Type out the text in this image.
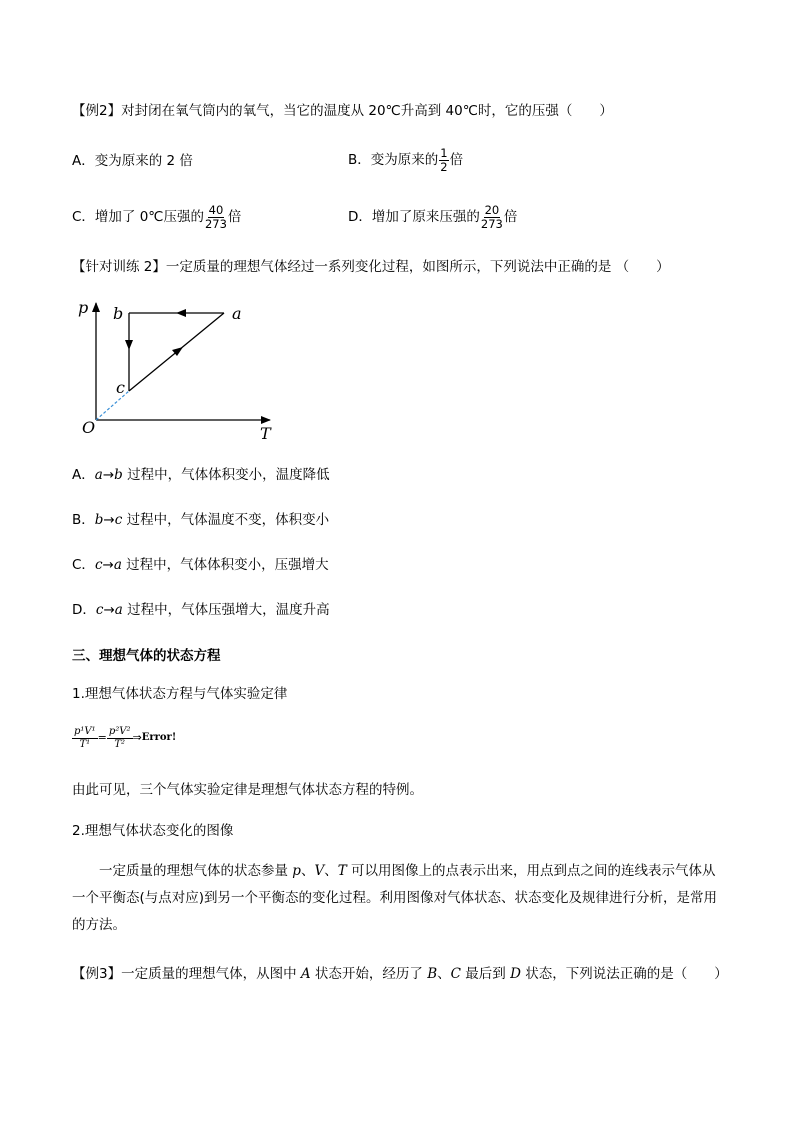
【例2】对封闭在氧气筒内的氧气，当它的温度从 20℃升高到 40℃时，它的压强（　　）
A．变为原来的 2 倍	B．变为原来的 $\frac{1}{2}$ 倍
C．增加了 0℃压强的 $\frac{40}{273}$ 倍	D．增加了原来压强的 $\frac{20}{273}$ 倍
【针对训练 2】一定质量的理想气体经过一系列变化过程，如图所示，下列说法中正确的是 （　　）
p
T
O
a
b
c
A．a→b 过程中，气体体积变小，温度降低
B．b→c 过程中，气体温度不变，体积变小
C．c→a 过程中，气体体积变小，压强增大
D．c→a 过程中，气体压强增大，温度升高
三、理想气体的状态方程
1.理想气体状态方程与气体实验定律
$\frac{\text{p¹V¹}}{\text{T¹}} = \frac{\text{p²V²}}{\text{T²}}$ ⇒Error!
由此可见，三个气体实验定律是理想气体状态方程的特例。
2.理想气体状态变化的图像
一定质量的理想气体的状态参量 p、V、T 可以用图像上的点表示出来，用点到点之间的连线表示气体从一个平衡态(与点对应)到另一个平衡态的变化过程。利用图像对气体状态、状态变化及规律进行分析，是常用的方法。
【例3】一定质量的理想气体，从图中 A 状态开始，经历了 B、C 最后到 D 状态，下列说法正确的是（　　）
